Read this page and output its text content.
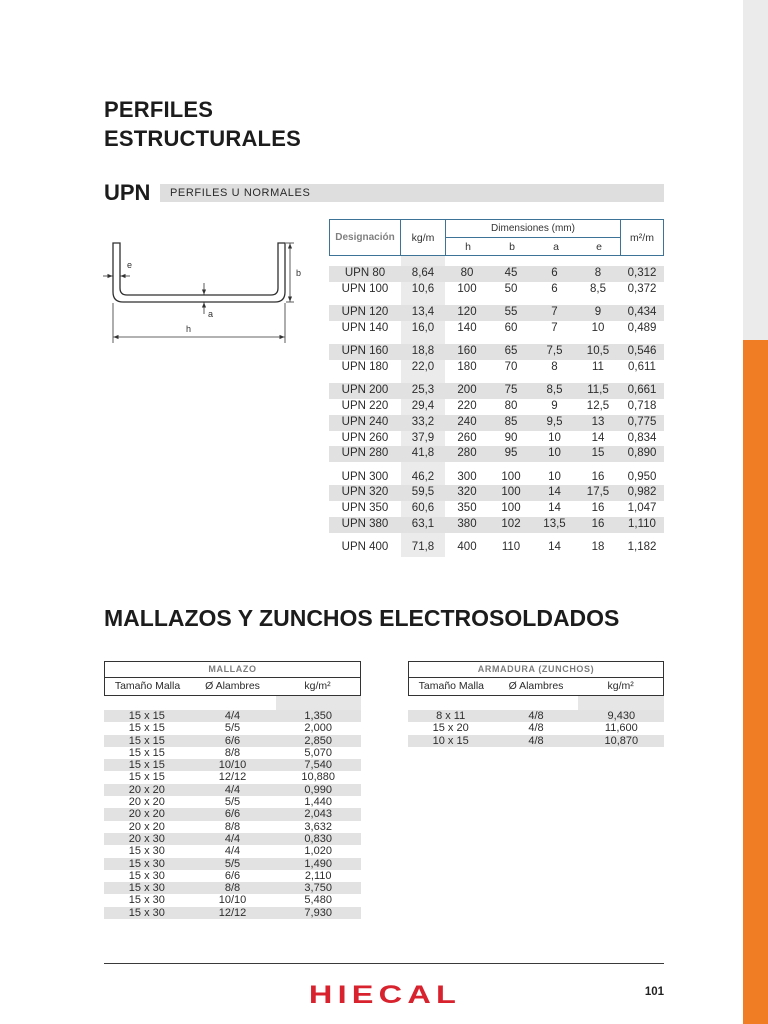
PERFILES
ESTRUCTURALES
UPN	PERFILES U NORMALES
e
b
a
h
Designación	kg/m
Dimensiones (mm)
h	b	a	e
m²/m
UPN 80	8,64	80	45	6	8	0,312
UPN 100	10,6	100	50	6	8,5	0,372
UPN 120	13,4	120	55	7	9	0,434
UPN 140	16,0	140	60	7	10	0,489
UPN 160	18,8	160	65	7,5	10,5	0,546
UPN 180	22,0	180	70	8	11	0,611
UPN 200	25,3	200	75	8,5	11,5	0,661
UPN 220	29,4	220	80	9	12,5	0,718
UPN 240	33,2	240	85	9,5	13	0,775
UPN 260	37,9	260	90	10	14	0,834
UPN 280	41,8	280	95	10	15	0,890
UPN 300	46,2	300	100	10	16	0,950
UPN 320	59,5	320	100	14	17,5	0,982
UPN 350	60,6	350	100	14	16	1,047
UPN 380	63,1	380	102	13,5	16	1,110
UPN 400	71,8	400	110	14	18	1,182
MALLAZOS Y ZUNCHOS ELECTROSOLDADOS
MALLAZO
Tamaño Malla	Ø Alambres	kg/m²
15 x 15	4/4	1,350
15 x 15	5/5	2,000
15 x 15	6/6	2,850
15 x 15	8/8	5,070
15 x 15	10/10	7,540
15 x 15	12/12	10,880
20 x 20	4/4	0,990
20 x 20	5/5	1,440
20 x 20	6/6	2,043
20 x 20	8/8	3,632
20 x 30	4/4	0,830
15 x 30	4/4	1,020
15 x 30	5/5	1,490
15 x 30	6/6	2,110
15 x 30	8/8	3,750
15 x 30	10/10	5,480
15 x 30	12/12	7,930
ARMADURA (ZUNCHOS)
Tamaño Malla	Ø Alambres	kg/m²
8 x 11	4/8	9,430
15 x 20	4/8	11,600
10 x 15	4/8	10,870
HIECAL	101
